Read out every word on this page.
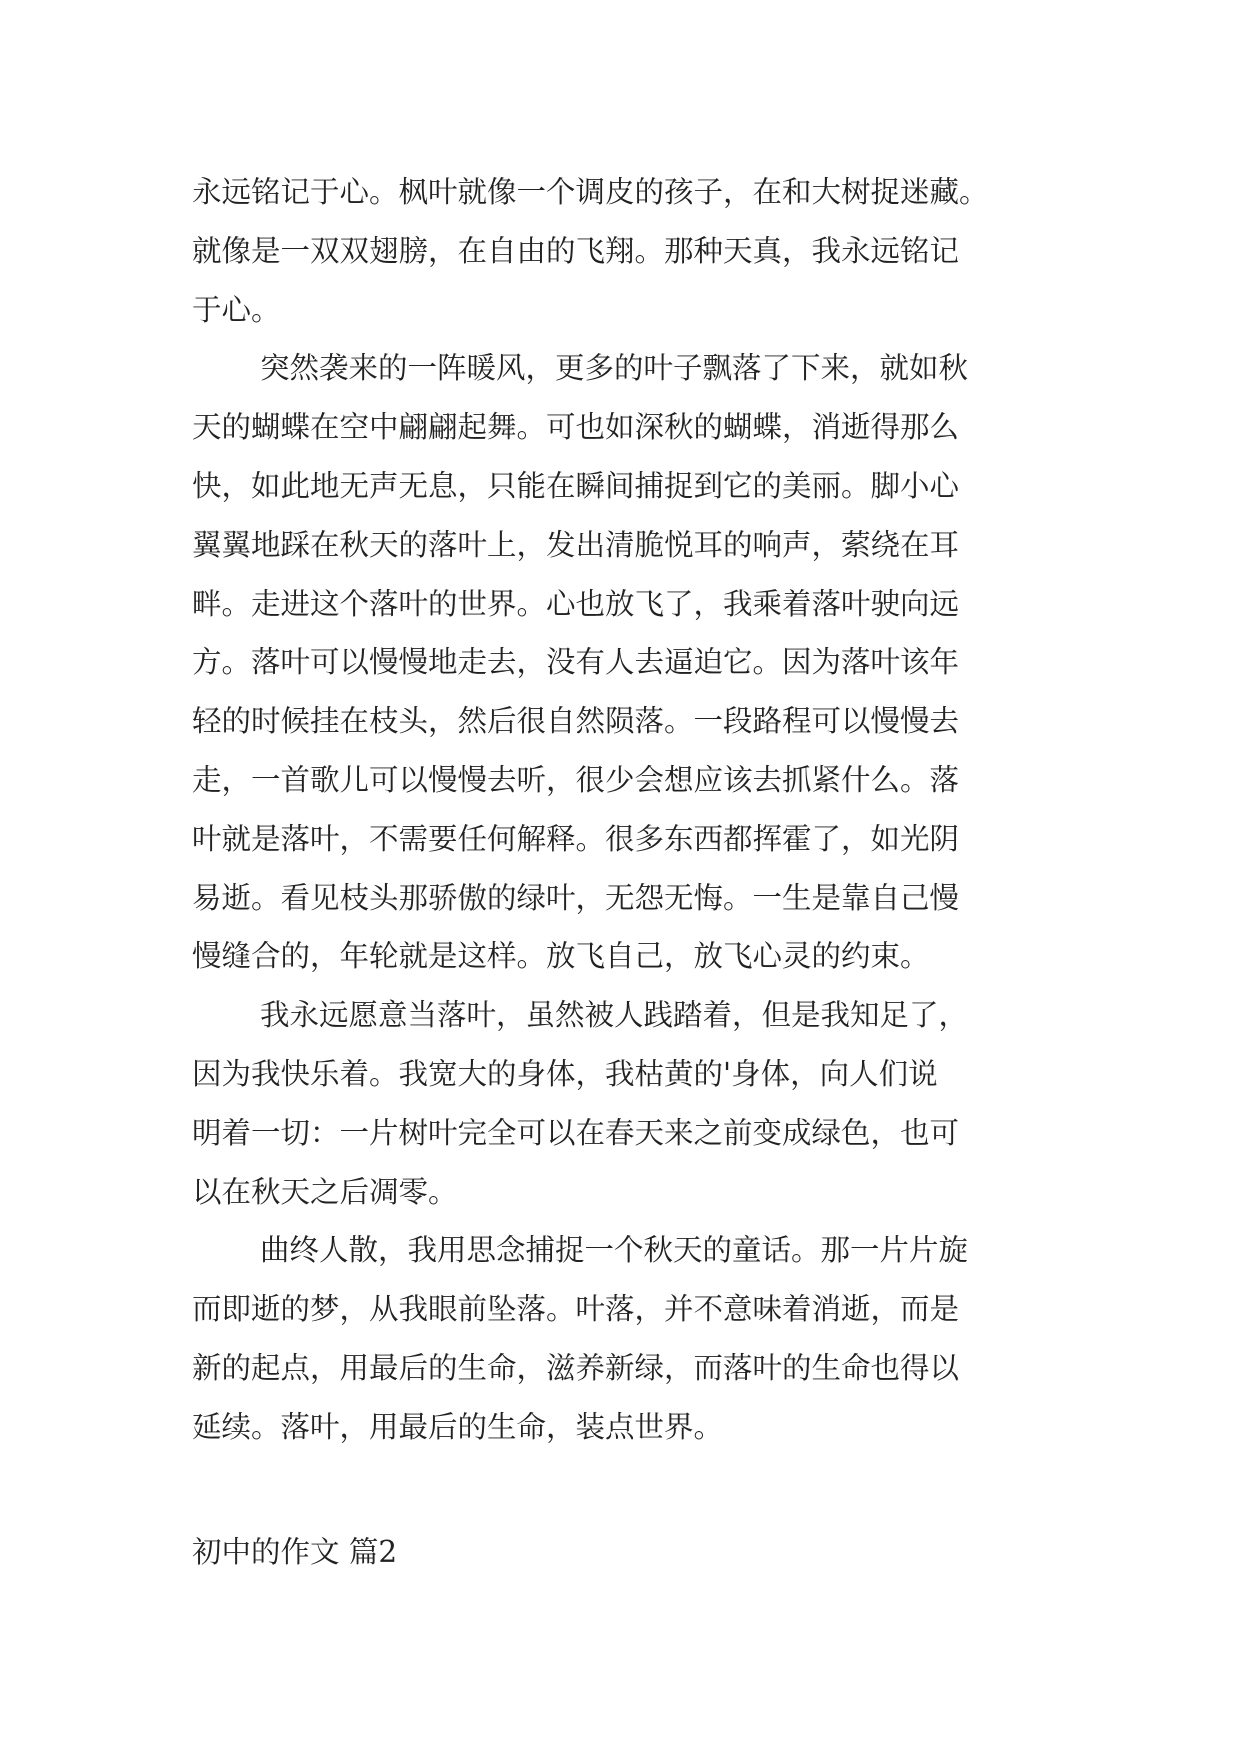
永远铭记于心。枫叶就像一个调皮的孩子，在和大树捉迷藏。
就像是一双双翅膀，在自由的飞翔。那种天真，我永远铭记
于心。
突然袭来的一阵暖风，更多的叶子飘落了下来，就如秋
天的蝴蝶在空中翩翩起舞。可也如深秋的蝴蝶，消逝得那么
快，如此地无声无息，只能在瞬间捕捉到它的美丽。脚小心
翼翼地踩在秋天的落叶上，发出清脆悦耳的响声，萦绕在耳
畔。走进这个落叶的世界。心也放飞了，我乘着落叶驶向远
方。落叶可以慢慢地走去，没有人去逼迫它。因为落叶该年
轻的时候挂在枝头，然后很自然陨落。一段路程可以慢慢去
走，一首歌儿可以慢慢去听，很少会想应该去抓紧什么。落
叶就是落叶，不需要任何解释。很多东西都挥霍了，如光阴
易逝。看见枝头那骄傲的绿叶，无怨无悔。一生是靠自己慢
慢缝合的，年轮就是这样。放飞自己，放飞心灵的约束。
我永远愿意当落叶，虽然被人践踏着，但是我知足了，
因为我快乐着。我宽大的身体，我枯黄的'身体，向人们说
明着一切：一片树叶完全可以在春天来之前变成绿色，也可
以在秋天之后凋零。
曲终人散，我用思念捕捉一个秋天的童话。那一片片旋
而即逝的梦，从我眼前坠落。叶落，并不意味着消逝，而是
新的起点，用最后的生命，滋养新绿，而落叶的生命也得以
延续。落叶，用最后的生命，装点世界。
初中的作文 篇2
